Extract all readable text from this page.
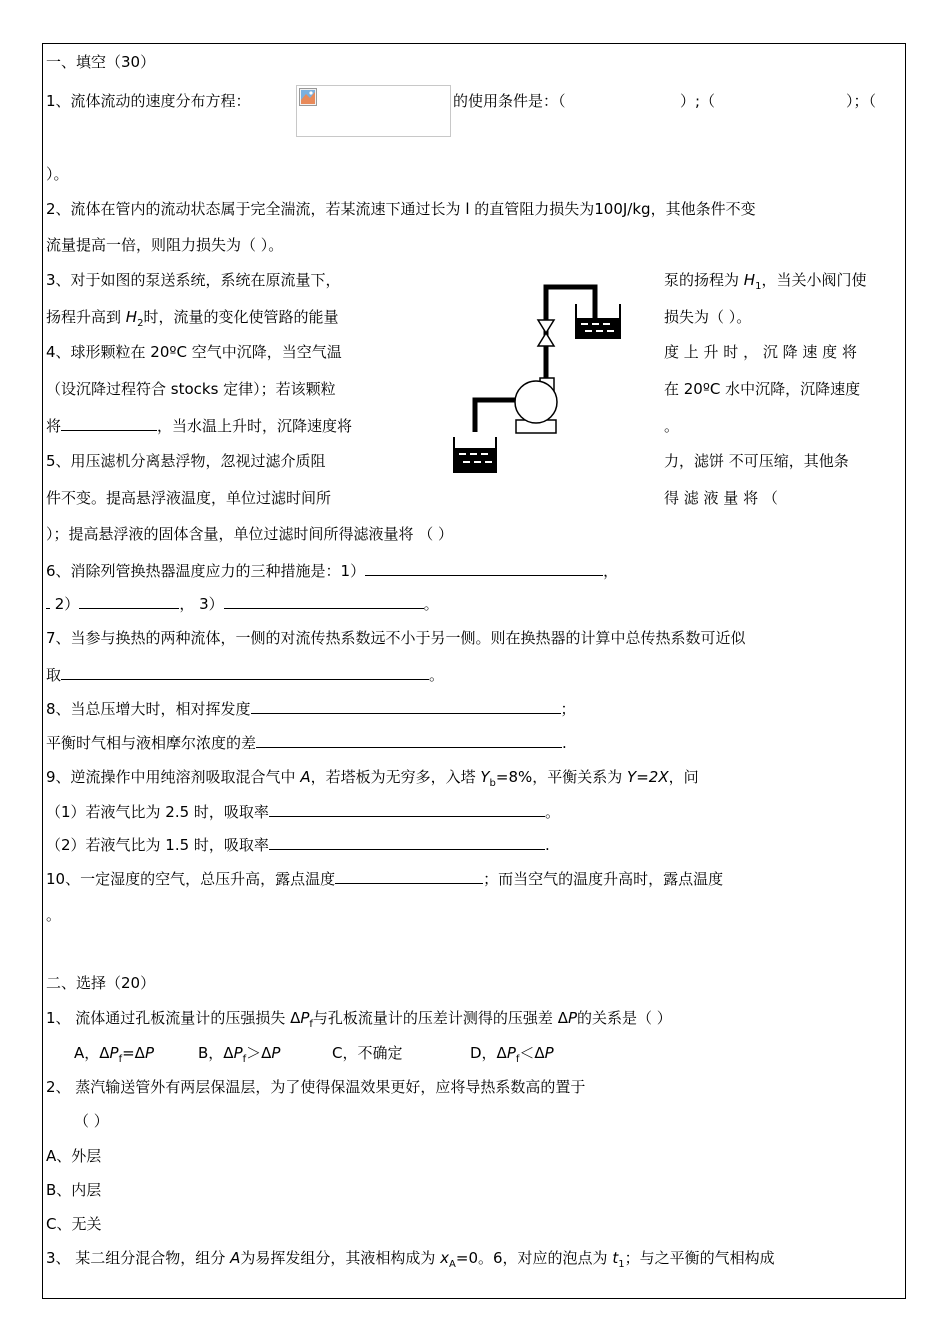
一、填空（30）
1、流体流动的速度分布方程：	的使用条件是：（	）;（	）；（
）。
2、流体在管内的流动状态属于完全湍流，若某流速下通过长为 l 的直管阻力损失为100J/kg，其他条件不变
流量提高一倍，则阻力损失为（ ）。
3、对于如图的泵送系统，系统在原流量下，	泵的扬程为 $H_1$，当关小阀门使
扬程升高到 $H_2$时，流量的变化使管路的能量	损失为（ ）。
4、球形颗粒在 20ºC 空气中沉降，当空气温	度 上 升 时 ， 沉 降 速 度 将
（设沉降过程符合 stocks 定律）；若该颗粒	在 20ºC 水中沉降，沉降速度
将	，当水温上升时，沉降速度将	。
5、用压滤机分离悬浮物，忽视过滤介质阻	力，滤饼 不可压缩，其他条
件不变。提高悬浮液温度，单位过滤时间所	得 滤 液 量 将 （
）；提高悬浮液的固体含量，单位过滤时间所得滤液量将 （ ）
6、消除列管换热器温度应力的三种措施是：1）	，
2）	， 3）	。
7、当参与换热的两种流体，一侧的对流传热系数远不小于另一侧。则在换热器的计算中总传热系数可近似
取	。
8、当总压增大时，相对挥发度	；
平衡时气相与液相摩尔浓度的差	.
9、逆流操作中用纯溶剂吸取混合气中 A，若塔板为无穷多，入塔 $Y_b=8\%$，平衡关系为 Y=2X，问
（1）若液气比为 2.5 时，吸取率	。
（2）若液气比为 1.5 时，吸取率	.
10、一定湿度的空气，总压升高，露点温度	；而当空气的温度升高时，露点温度
。
二、选择（20）
1、 流体通过孔板流量计的压强损失 $\Delta P_f$与孔板流量计的压差计测得的压强差 ΔP的关系是（ ）
A，$\Delta P_f=\Delta P$	B，$\Delta P_f>\Delta P$	C，不确定	D，$\Delta P_f<\Delta P$
2、 蒸汽输送管外有两层保温层，为了使得保温效果更好，应将导热系数高的置于
（ ）
A、外层
B、内层
C、无关
3、 某二组分混合物，组分 A为易挥发组分，其液相构成为 $x_A=0$。6，对应的泡点为 $t_1$；与之平衡的气相构成
